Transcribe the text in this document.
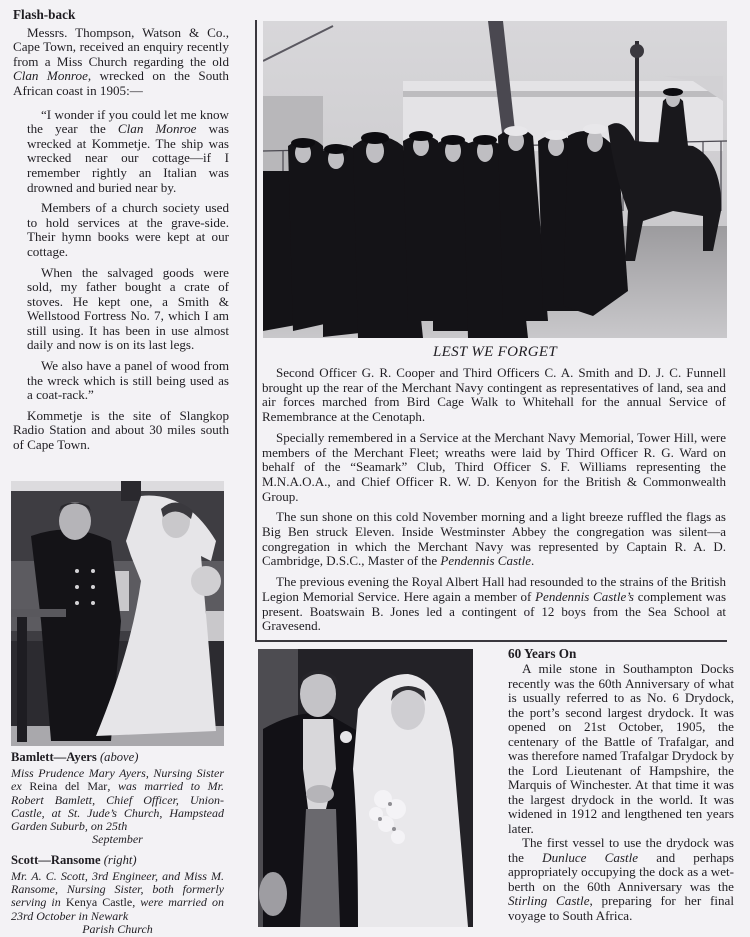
Flash-back

Messrs. Thompson, Watson & Co., Cape Town, received an enquiry recently from a Miss Church regarding the old Clan Monroe, wrecked on the South African coast in 1905:—

“I wonder if you could let me know the year the Clan Monroe was wrecked at Kommetje. The ship was wrecked near our cottage—if I remember rightly an Italian was drowned and buried near by.

Members of a church society used to hold services at the grave-side. Their hymn books were kept at our cottage.

When the salvaged goods were sold, my father bought a crate of stoves. He kept one, a Smith & Wellstood Fortress No. 7, which I am still using. It has been in use almost daily and now is on its last legs.

We also have a panel of wood from the wreck which is still being used as a coat-rack.”

Kommetje is the site of Slangkop Radio Station and about 30 miles south of Cape Town.

LEST WE FORGET

Second Officer G. R. Cooper and Third Officers C. A. Smith and D. J. C. Funnell brought up the rear of the Merchant Navy contingent as representatives of land, sea and air forces marched from Bird Cage Walk to Whitehall for the annual Service of Remembrance at the Cenotaph.

Specially remembered in a Service at the Merchant Navy Memorial, Tower Hill, were members of the Merchant Fleet; wreaths were laid by Third Officer R. G. Ward on behalf of the “Seamark” Club, Third Officer S. F. Williams representing the M.N.A.O.A., and Chief Officer R. W. D. Kenyon for the British & Commonwealth Group.

The sun shone on this cold November morning and a light breeze ruffled the flags as Big Ben struck Eleven. Inside Westminster Abbey the congregation was silent—a congregation in which the Merchant Navy was represented by Captain R. A. D. Cambridge, D.S.C., Master of the Pendennis Castle.

The previous evening the Royal Albert Hall had resounded to the strains of the British Legion Memorial Service. Here again a member of Pendennis Castle’s complement was present. Boatswain B. Jones led a contingent of 12 boys from the Sea School at Gravesend.

Bamlett—Ayers (above)

Miss Prudence Mary Ayers, Nursing Sister ex Reina del Mar, was married to Mr. Robert Bamlett, Chief Officer, Union-Castle, at St. Jude’s Church, Hampstead Garden Suburb, on 25th

September

Scott—Ransome (right)

Mr. A. C. Scott, 3rd Engineer, and Miss M. Ransome, Nursing Sister, both formerly serving in Kenya Castle, were married on 23rd October in Newark

Parish Church

60 Years On

A mile stone in Southampton Docks recently was the 60th Anniversary of what is usually referred to as No. 6 Drydock, the port’s second largest drydock. It was opened on 21st October, 1905, the centenary of the Battle of Trafalgar, and was therefore named Trafalgar Drydock by the Lord Lieutenant of Hampshire, the Marquis of Winchester. At that time it was the largest drydock in the world. It was widened in 1912 and lengthened ten years later.

The first vessel to use the drydock was the Dunluce Castle and perhaps appropriately occupying the dock as a wet-berth on the 60th Anniversary was the Stirling Castle, preparing for her final voyage to South Africa.
